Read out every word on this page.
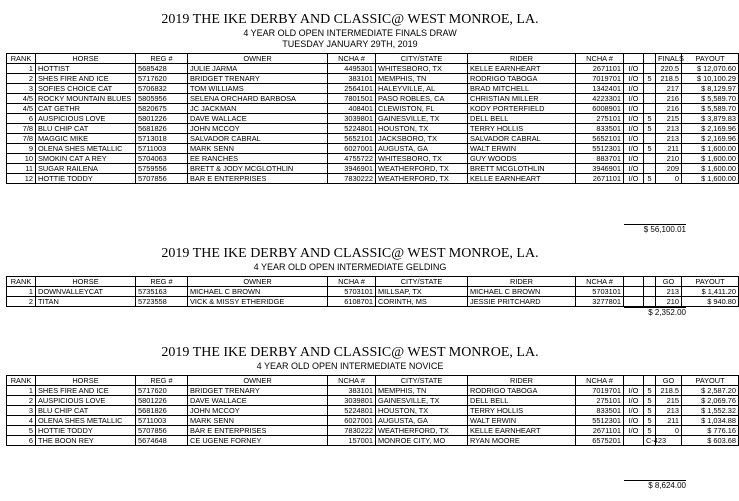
2019 THE IKE DERBY AND CLASSIC@ WEST MONROE, LA.
4 YEAR OLD OPEN INTERMEDIATE FINALS DRAW
TUESDAY JANUARY 29TH, 2019
RANK	HORSE	REG #	OWNER	NCHA #	CITY/STATE	RIDER	NCHA #			FINALS	PAYOUT
1	HOTTIST	5685428	JULIE JARMA	4495301	WHITESBORO, TX	KELLE EARNHEART	2671101	I/O		220.5	$ 12,070.60
2	SHES FIRE AND ICE	5717620	BRIDGET TRENARY	383101	MEMPHIS, TN	RODRIGO TABOGA	7019701	I/O	5	218.5	$ 10,100.29
3	SOFIES CHOICE CAT	5706832	TOM WILLIAMS	2564101	HALEYVILLE, AL	BRAD MITCHELL	1342401	I/O		217	$ 8,129.97
4/5	ROCKY MOUNTAIN BLUES	5805956	SELENA ORCHARD BARBOSA	7801501	PASO ROBLES, CA	CHRISTIAN MILLER	4223301	I/O		216	$ 5,589.70
4/5	CAT GETHR	5820675	JC JACKMAN	408401	CLEWISTON, FL	KODY PORTERFIELD	6008901	I/O		216	$ 5,589.70
6	AUSPICIOUS LOVE	5801226	DAVE WALLACE	3039801	GAINESVILLE, TX	DELL BELL	275101	I/O	5	215	$ 3,879.83
7/8	BLU CHIP CAT	5681826	JOHN MCCOY	5224801	HOUSTON, TX	TERRY HOLLIS	833501	I/O	5	213	$ 2,169.96
7/8	MAGGIC MIKE	5713018	SALVADOR CABRAL	5652101	JACKSBORO, TX	SALVADOR CABRAL	5652101	I/O		213	$ 2,169.96
9	OLENA SHES METALLIC	5711003	MARK SENN	6027001	AUGUSTA, GA	WALT ERWIN	5512301	I/O	5	211	$ 1,600.00
10	SMOKIN CAT A REY	5704063	EE RANCHES	4755722	WHITESBORO, TX	GUY WOODS	883701	I/O		210	$ 1,600.00
11	SUGAR RAILENA	5759556	BRETT & JODY MCGLOTHLIN	3946901	WEATHERFORD, TX	BRETT MCGLOTHLIN	3946901	I/O		209	$ 1,600.00
12	HOTTIE TODDY	5707856	BAR E ENTERPRISES	7830222	WEATHERFORD, TX	KELLE EARNHEART	2671101	I/O	5	0	$ 1,600.00
$ 56,100.01
2019 THE IKE DERBY AND CLASSIC@ WEST MONROE, LA.
4 YEAR OLD OPEN INTERMEDIATE GELDING
RANK	HORSE	REG #	OWNER	NCHA #	CITY/STATE	RIDER	NCHA #			GO	PAYOUT
1	DOWNVALLEYCAT	5735163	MICHAEL C BROWN	5703101	MILLSAP, TX	MICHAEL C BROWN	5703101			213	$ 1,411.20
2	TITAN	5723558	VICK & MISSY ETHERIDGE	6108701	CORINTH, MS	JESSIE PRITCHARD	3277801			210	$ 940.80
$ 2,352.00
2019 THE IKE DERBY AND CLASSIC@ WEST MONROE, LA.
4 YEAR OLD OPEN INTERMEDIATE NOVICE
RANK	HORSE	REG #	OWNER	NCHA #	CITY/STATE	RIDER	NCHA #			GO	PAYOUT
1	SHES FIRE AND ICE	5717620	BRIDGET TRENARY	383101	MEMPHIS, TN	RODRIGO TABOGA	7019701	I/O	5	218.5	$ 2,587.20
2	AUSPICIOUS LOVE	5801226	DAVE WALLACE	3039801	GAINESVILLE, TX	DELL BELL	275101	I/O	5	215	$ 2,069.76
3	BLU CHIP CAT	5681826	JOHN MCCOY	5224801	HOUSTON, TX	TERRY HOLLIS	833501	I/O	5	213	$ 1,552.32
4	OLENA SHES METALLIC	5711003	MARK SENN	6027001	AUGUSTA, GA	WALT ERWIN	5512301	I/O	5	211	$ 1,034.88
5	HOTTIE TODDY	5707856	BAR E ENTERPRISES	7830222	WEATHERFORD, TX	KELLE EARNHEART	2671101	I/O	5	0	$ 776.16
6	THE BOON REY	5674648	CE UGENE FORNEY	157001	MONROE CITY, MO	RYAN MOORE	6575201		C-423		$ 603.68
$ 8,624.00
